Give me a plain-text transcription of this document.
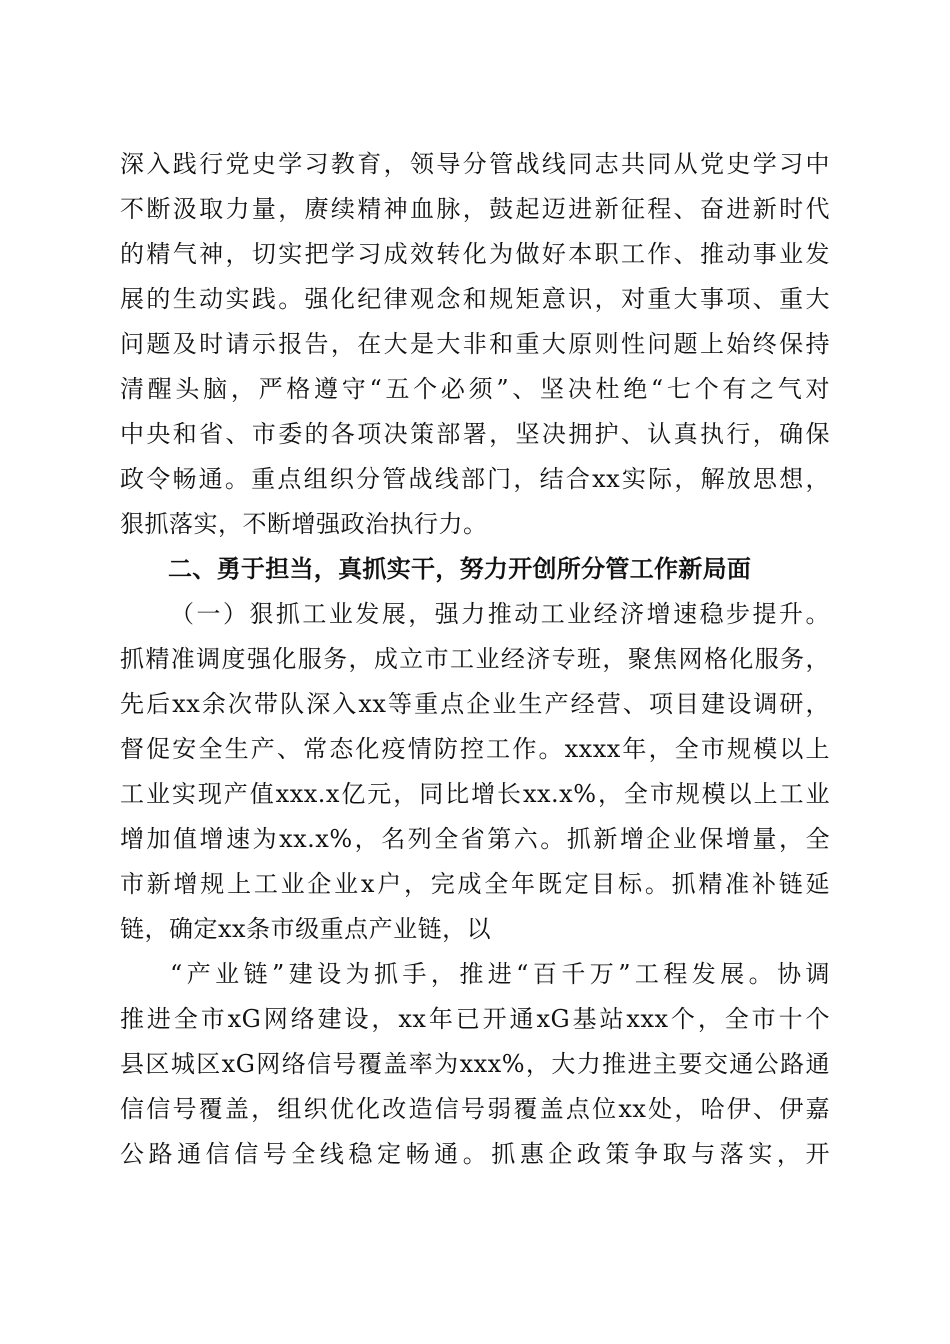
深入践行党史学习教育，领导分管战线同志共同从党史学习中
不断汲取力量，赓续精神血脉，鼓起迈进新征程、奋进新时代
的精气神，切实把学习成效转化为做好本职工作、推动事业发
展的生动实践。强化纪律观念和规矩意识，对重大事项、重大
问题及时请示报告，在大是大非和重大原则性问题上始终保持
清醒头脑，严格遵守“五个必须”、坚决杜绝“七个有之气对
中央和省、市委的各项决策部署，坚决拥护、认真执行，确保
政令畅通。重点组织分管战线部门，结合xx实际，解放思想，
狠抓落实，不断增强政治执行力。
二、勇于担当，真抓实干，努力开创所分管工作新局面
（一）狠抓工业发展，强力推动工业经济增速稳步提升。
抓精准调度强化服务，成立市工业经济专班，聚焦网格化服务，
先后xx余次带队深入xx等重点企业生产经营、项目建设调研，
督促安全生产、常态化疫情防控工作。xxxx年，全市规模以上
工业实现产值xxx.x亿元，同比增长xx.x%，全市规模以上工业
增加值增速为xx.x%，名列全省第六。抓新增企业保增量，全
市新增规上工业企业x户，完成全年既定目标。抓精准补链延
链，确定xx条市级重点产业链，以
“产业链”建设为抓手，推进“百千万”工程发展。协调
推进全市xG网络建设，xx年已开通xG基站xxx个，全市十个
县区城区xG网络信号覆盖率为xxx%，大力推进主要交通公路通
信信号覆盖，组织优化改造信号弱覆盖点位xx处，哈伊、伊嘉
公路通信信号全线稳定畅通。抓惠企政策争取与落实，开
